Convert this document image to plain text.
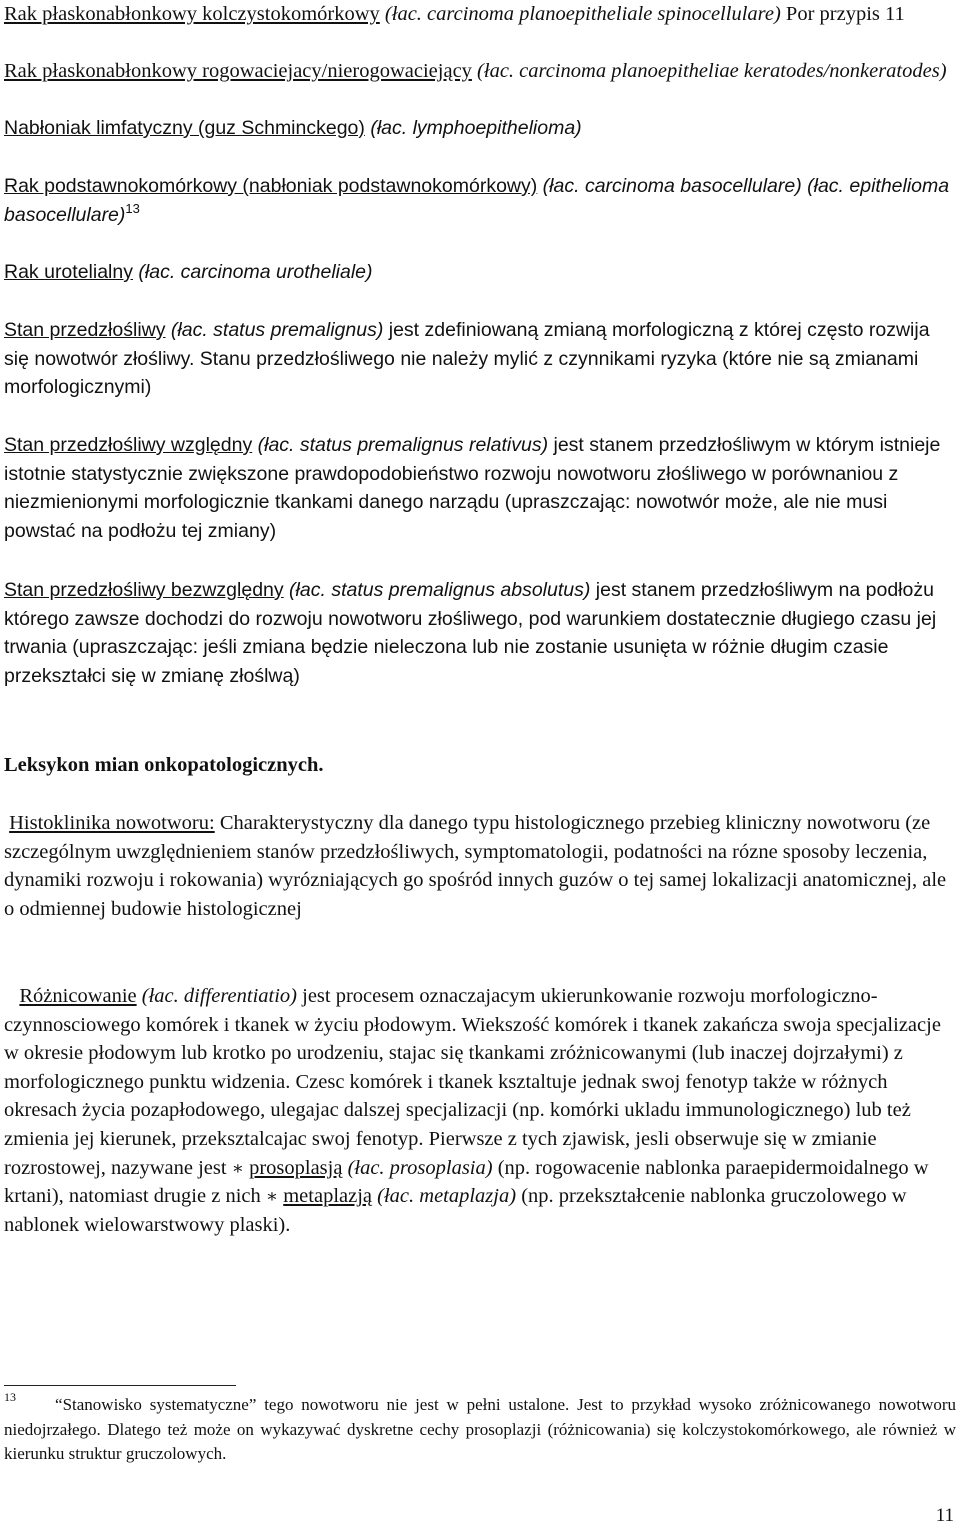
Rak płaskonabłonkowy kolczystokomórkowy (łac. carcinoma planoepitheliale spinocellulare) Por przypis 11

Rak płaskonabłonkowy rogowaciejacy/nierogowaciejący (łac. carcinoma planoepitheliae keratodes/nonkeratodes)

Nabłoniak limfatyczny (guz Schminckego) (łac. lymphoepithelioma)

Rak podstawnokomórkowy (nabłoniak podstawnokomórkowy) (łac. carcinoma basocellulare) (łac. epithelioma basocellulare)$^{13}$

Rak urotelialny (łac. carcinoma urotheliale)

Stan przedzłośliwy (łac. status premalignus) jest zdefiniowaną zmianą morfologiczną z której często rozwija się nowotwór złośliwy. Stanu przedzłośliwego nie należy mylić z czynnikami ryzyka (które nie są zmianami morfologicznymi)

Stan przedzłośliwy względny (łac. status premalignus relativus) jest stanem przedzłośliwym w którym istnieje istotnie statystycznie zwiększone prawdopodobieństwo rozwoju nowotworu złośliwego w porównaniou z niezmienionymi morfologicznie tkankami danego narządu (upraszczając: nowotwór może, ale nie musi powstać na podłożu tej zmiany)

Stan przedzłośliwy bezwzględny (łac. status premalignus absolutus) jest stanem przedzłośliwym na podłożu którego zawsze dochodzi do rozwoju nowotworu złośliwego, pod warunkiem dostatecznie długiego czasu jej trwania (upraszczając: jeśli zmiana będzie nieleczona lub nie zostanie usunięta w różnie długim czasie przekształci się w zmianę złoślwą)

Leksykon mian onkopatologicznych.

Histoklinika nowotworu: Charakterystyczny dla danego typu histologicznego przebieg kliniczny nowotworu (ze szczególnym uwzględnieniem stanów przedzłośliwych, symptomatologii, podatności na rózne sposoby leczenia, dynamiki rozwoju i rokowania) wyrózniających go spośród innych guzów o tej samej lokalizacji anatomicznej, ale o odmiennej budowie histologicznej

Różnicowanie (łac. differentiatio) jest procesem oznaczajacym ukierunkowanie rozwoju morfologiczno-czynnosciowego komórek i tkanek w życiu płodowym. Wiekszość komórek i tkanek zakańcza swoja specjalizacje w okresie płodowym lub krotko po urodzeniu, stajac się tkankami zróżnicowanymi (lub inaczej dojrzałymi) z morfologicznego punktu widzenia. Czesc komórek i tkanek ksztaltuje jednak swoj fenotyp także w różnych okresach życia pozapłodowego, ulegajac dalszej specjalizacji (np. komórki ukladu immunologicznego) lub też zmienia jej kierunek, przeksztalcajac swoj fenotyp. Pierwsze z tych zjawisk, jesli obserwuje się w zmianie rozrostowej, nazywane jest ∗ prosoplasją (łac. prosoplasia) (np. rogowacenie nablonka paraepidermoidalnego w krtani), natomiast drugie z nich ∗ metaplazją (łac. metaplazja) (np. przekształcenie nablonka gruczolowego w nablonek wielowarstwowy plaski).

$^{13}$ “Stanowisko systematyczne” tego nowotworu nie jest w pełni ustalone. Jest to przykład wysoko zróżnicowanego nowotworu niedojrzałego. Dlatego też może on wykazywać dyskretne cechy prosoplazji (różnicowania) się kolczystokomórkowego, ale również w kierunku struktur gruczolowych.

11
